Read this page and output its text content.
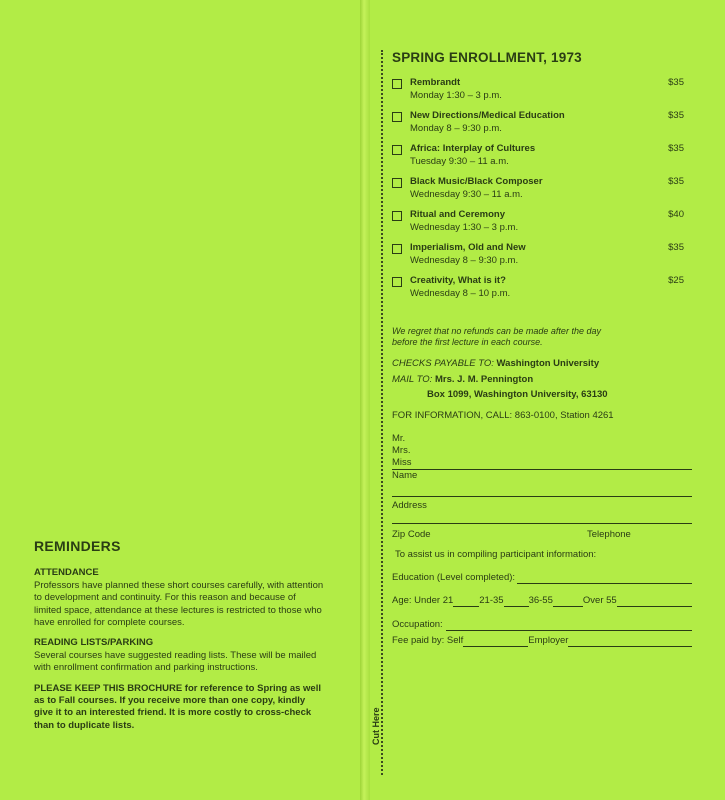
REMINDERS
ATTENDANCE

Professors have planned these short courses carefully, with attention to development and continuity. For this reason and because of limited space, attendance at these lectures is restricted to those who have enrolled for complete courses.

READING LISTS/PARKING

Several courses have suggested reading lists. These will be mailed with enrollment confirmation and parking instructions.

PLEASE KEEP THIS BROCHURE for reference to Spring as well as to Fall courses. If you receive more than one copy, kindly give it to an interested friend. It is more costly to cross-check than to duplicate lists.	Cut Here
SPRING ENROLLMENT, 1973
Rembrandt
Monday 1:30 – 3 p.m.
$35
New Directions/Medical Education
Monday 8 – 9:30 p.m.
$35
Africa: Interplay of Cultures
Tuesday 9:30 – 11 a.m.
$35
Black Music/Black Composer
Wednesday 9:30 – 11 a.m.
$35
Ritual and Ceremony
Wednesday 1:30 – 3 p.m.
$40
Imperialism, Old and New
Wednesday 8 – 9:30 p.m.
$35
Creativity, What is it?
Wednesday 8 – 10 p.m.
$25
We regret that no refunds can be made after the day before the first lecture in each course.
CHECKS PAYABLE TO: Washington University
MAIL TO: Mrs. J. M. Pennington
Box 1099, Washington University, 63130
FOR INFORMATION, CALL: 863-0100, Station 4261
Mr.
Mrs.
Miss
Name
Address
Zip Code	Telephone
To assist us in compiling participant information:
Education (Level completed):
Age: Under 21	21-35	36-55	Over 55
Occupation:
Fee paid by: Self	Employer
